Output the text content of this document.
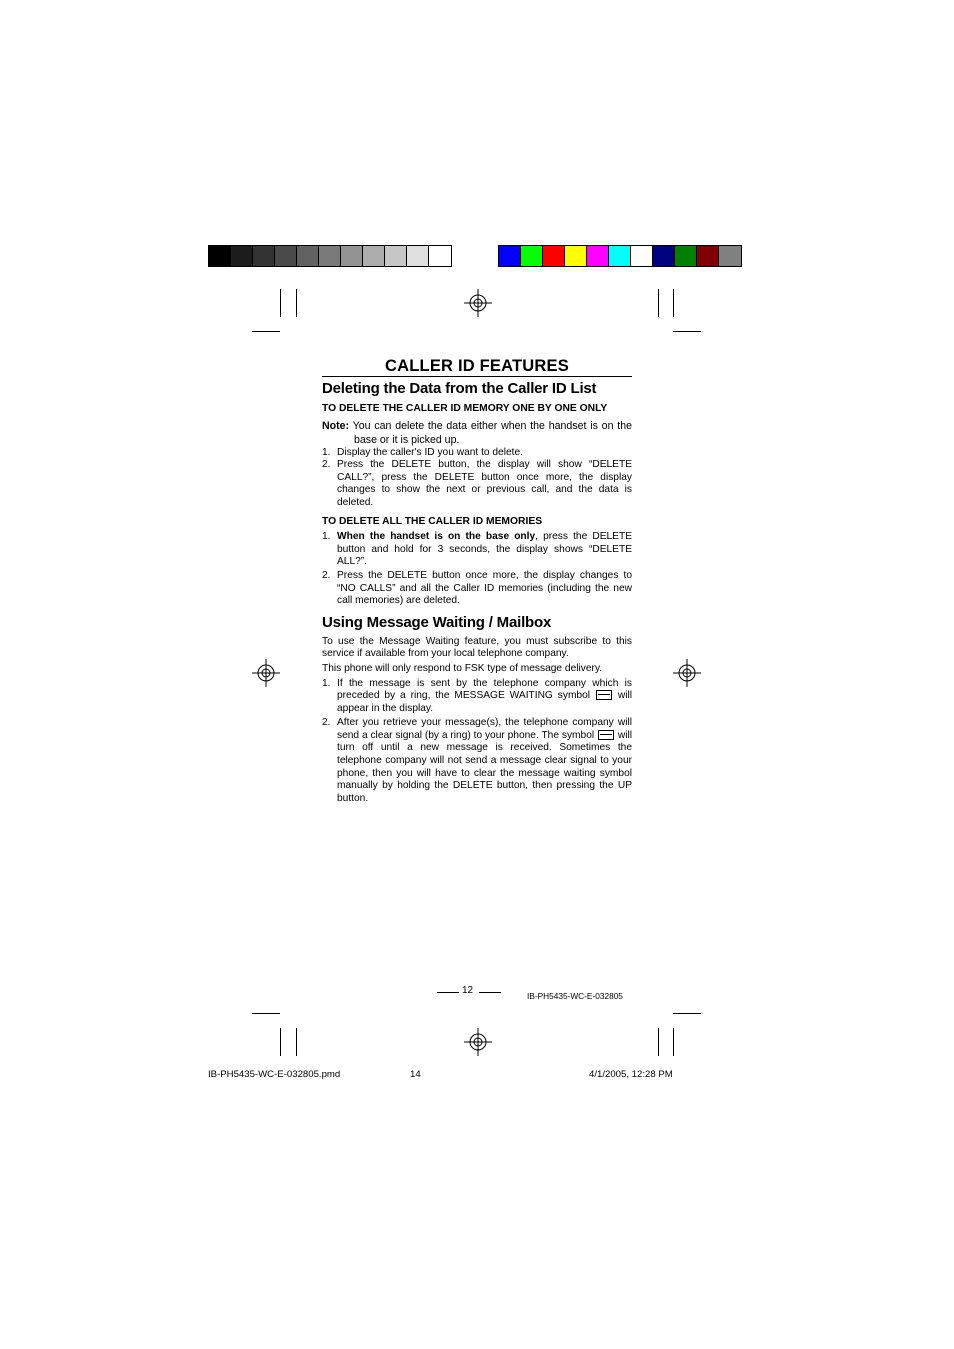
CALLER ID FEATURES
Deleting the Data from the Caller ID List
TO DELETE THE CALLER ID MEMORY ONE BY ONE ONLY

Note: You can delete the data either when the handset is on the base or it is picked up.

1. Display the caller's ID you want to delete.
2. Press the DELETE button, the display will show “DELETE CALL?”, press the DELETE button once more, the display changes to show the next or previous call, and the data is deleted.
TO DELETE ALL THE CALLER ID MEMORIES
1. When the handset is on the base only, press the DELETE button and hold for 3 seconds, the display shows “DELETE ALL?”.
2. Press the DELETE button once more, the display changes to “NO CALLS” and all the Caller ID memories (including the new call memories) are deleted.
Using Message Waiting / Mailbox

To use the Message Waiting feature, you must subscribe to this service if available from your local telephone company.

This phone will only respond to FSK type of message delivery.

1. If the message is sent by the telephone company which is preceded by a ring, the MESSAGE WAITING symbol  will appear in the display.
2. After you retrieve your message(s), the telephone company will send a clear signal (by a ring) to your phone. The symbol  will turn off until a new message is received. Sometimes the telephone company will not send a message clear signal to your phone, then you will have to clear the message waiting symbol manually by holding the DELETE button, then pressing the UP button.
12	IB-PH5435-WC-E-032805
IB-PH5435-WC-E-032805.pmd	14	4/1/2005, 12:28 PM
